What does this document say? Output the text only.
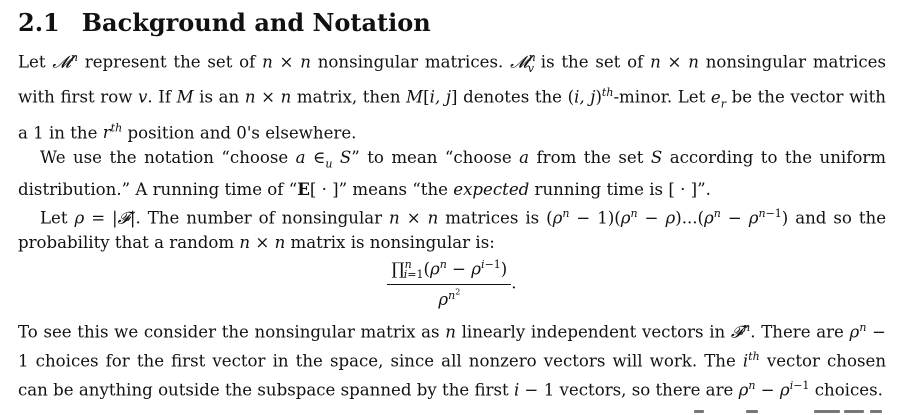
2.1 Background and Notation

Let 𝓜$^n$ represent the set of n × n nonsingular matrices. 𝓜$^n_v$ is the set of n × n nonsingular matrices with first row v. If M is an n × n matrix, then M[i, j] denotes the (i, j)$^{th}$-minor. Let $e_r$ be the vector with a 1 in the $r^{th}$ position and 0's elsewhere.

We use the notation “choose a $\in_u$ S” to mean “choose a from the set S according to the uniform distribution.” A running time of “E[ · ]” means “the expected running time is [ · ]”.

Let ρ = |𝓕|. The number of nonsingular n × n matrices is $(\rho^n - 1)(\rho^n - \rho)...(\rho^n - \rho^{n-1})$ and so the probability that a random n × n matrix is nonsingular is:

$\frac{\prod^n_{i=1}(\rho^n - \rho^{i-1})}{\rho^{n^2}}$ .

To see this we consider the nonsingular matrix as n linearly independent vectors in 𝓕$^n$. There are $\rho^n - 1$ choices for the first vector in the space, since all nonzero vectors will work. The $i^{th}$ vector chosen can be anything outside the subspace spanned by the first i − 1 vectors, so there are $\rho^n - \rho^{i-1}$ choices.
